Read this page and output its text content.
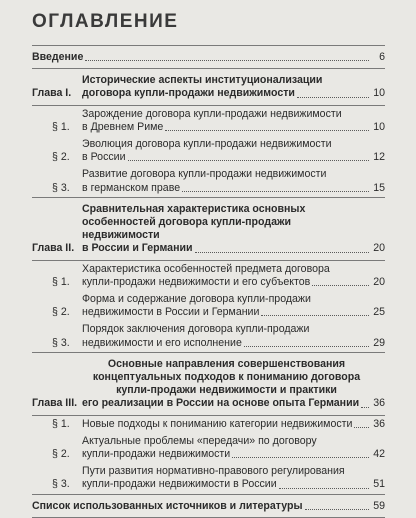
ОГЛАВЛЕНИЕ
Введение	6
Глава I.
Исторические аспекты институционализации
договора купли-продажи недвижимости	10
§ 1.
Зарождение договора купли-продажи недвижимости
в Древнем Риме	10
§ 2.
Эволюция договора купли-продажи недвижимости
в России	12
§ 3.
Развитие договора купли-продажи недвижимости
в германском праве	15
Глава II.
Сравнительная характеристика основных
особенностей договора купли-продажи недвижимости
в России и Германии	20
§ 1.
Характеристика особенностей предмета договора
купли-продажи недвижимости и его субъектов	20
§ 2.
Форма и содержание договора купли-продажи
недвижимости в России и Германии	25
§ 3.
Порядок заключения договора купли-продажи
недвижимости и его исполнение	29
Глава III.
Основные направления совершенствования
концептуальных подходов к пониманию договора
купли-продажи недвижимости и практики
его реализации в России на основе опыта Германии 36
§ 1.	Новые подходы к пониманию категории недвижимости 36
§ 2.
Актуальные проблемы «передачи» по договору
купли-продажи недвижимости	42
§ 3.
Пути развития нормативно-правового регулирования
купли-продажи недвижимости в России	51
Список использованных источников и литературы	59
